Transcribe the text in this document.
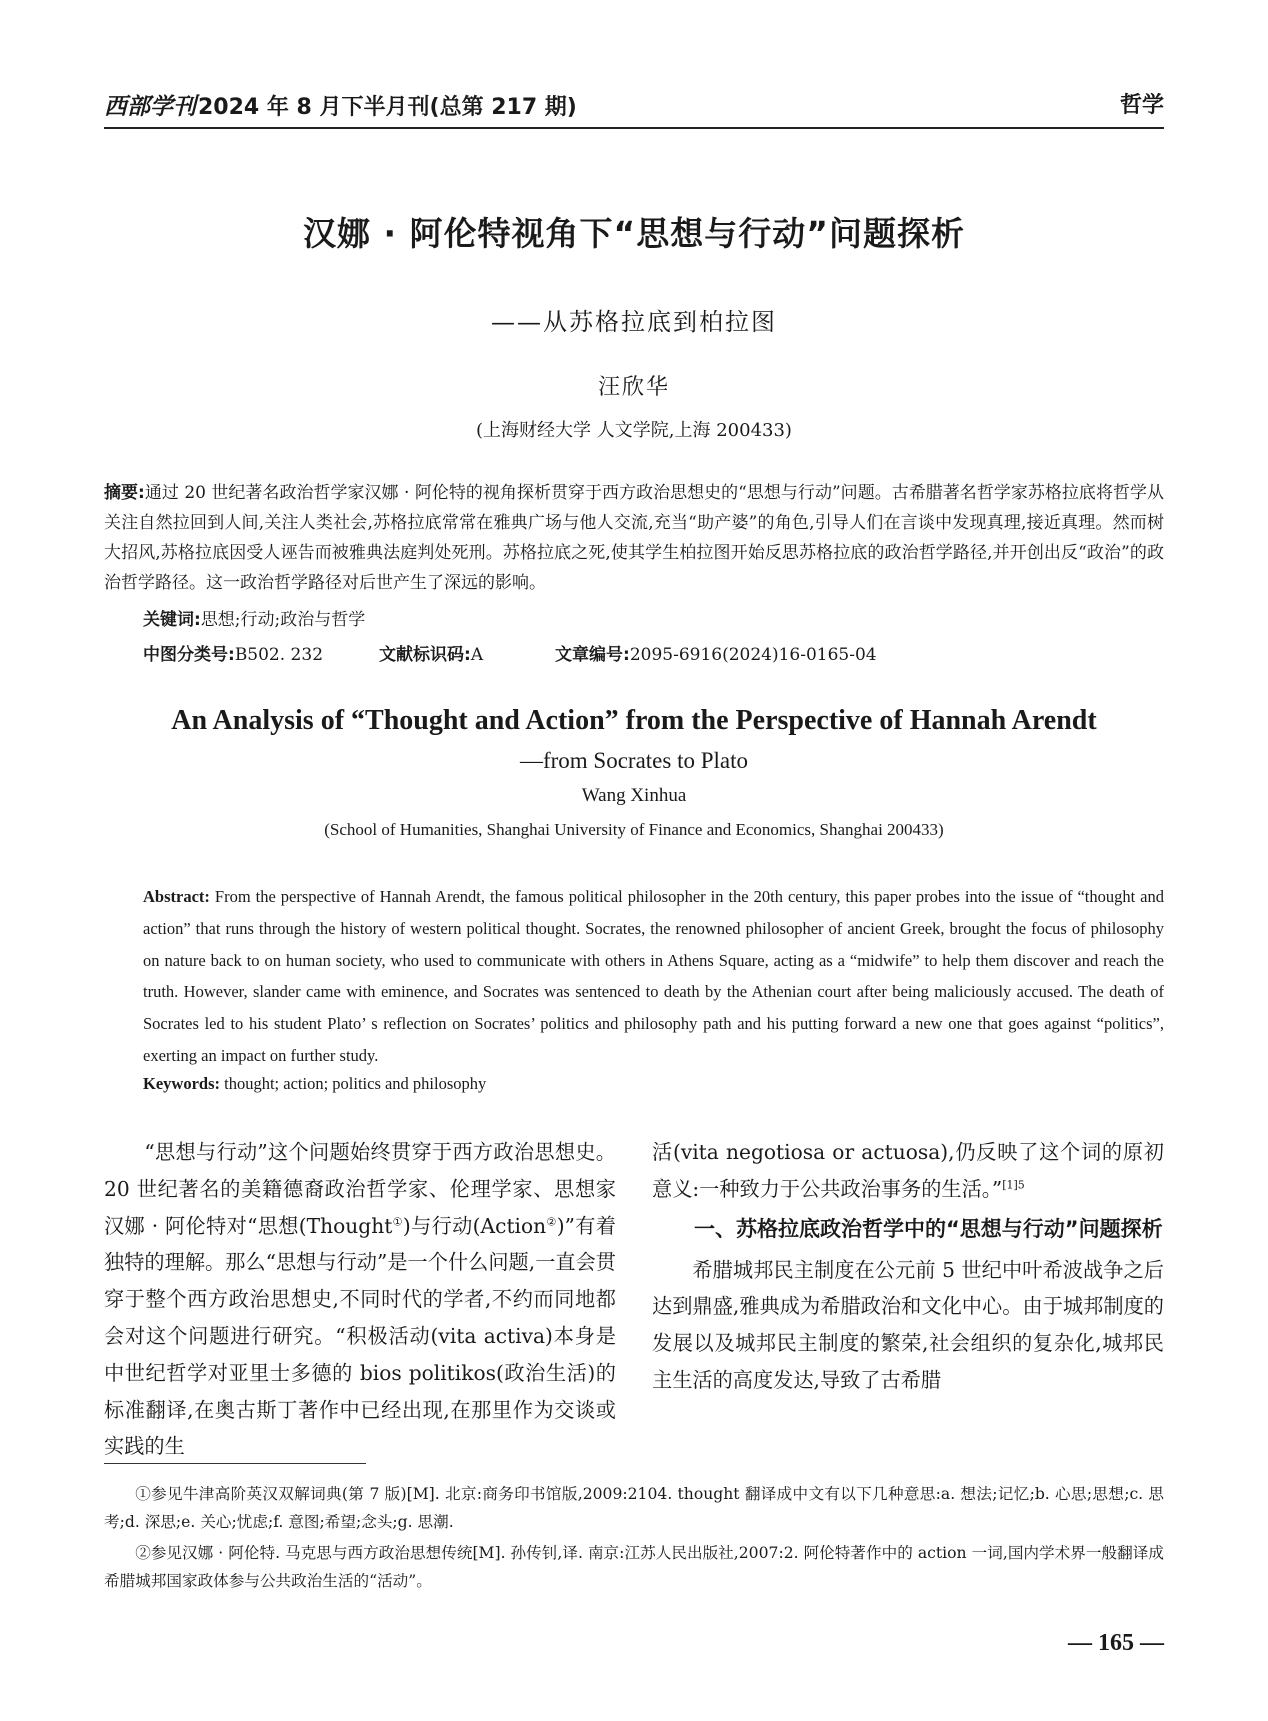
西部学刊2024 年 8 月下半月刊(总第 217 期)	哲学
汉娜 · 阿伦特视角下“思想与行动”问题探析
——从苏格拉底到柏拉图
汪欣华
(上海财经大学 人文学院,上海 200433)
摘要:通过 20 世纪著名政治哲学家汉娜 · 阿伦特的视角探析贯穿于西方政治思想史的“思想与行动”问题。古希腊著名哲学家苏格拉底将哲学从关注自然拉回到人间,关注人类社会,苏格拉底常常在雅典广场与他人交流,充当“助产婆”的角色,引导人们在言谈中发现真理,接近真理。然而树大招风,苏格拉底因受人诬告而被雅典法庭判处死刑。苏格拉底之死,使其学生柏拉图开始反思苏格拉底的政治哲学路径,并开创出反“政治”的政治哲学路径。这一政治哲学路径对后世产生了深远的影响。
关键词:思想;行动;政治与哲学
中图分类号:B502. 232	文献标识码:A	文章编号:2095-6916(2024)16-0165-04
An Analysis of “Thought and Action” from the Perspective of Hannah Arendt
—from Socrates to Plato
Wang Xinhua
(School of Humanities, Shanghai University of Finance and Economics, Shanghai 200433)
Abstract: From the perspective of Hannah Arendt, the famous political philosopher in the 20th century, this paper probes into the issue of “thought and action” that runs through the history of western political thought. Socrates, the renowned philosopher of ancient Greek, brought the focus of philosophy on nature back to on human society, who used to communicate with others in Athens Square, acting as a “midwife” to help them discover and reach the truth. However, slander came with eminence, and Socrates was sentenced to death by the Athenian court after being maliciously accused. The death of Socrates led to his student Plato’ s reflection on Socrates’ politics and philosophy path and his putting forward a new one that goes against “politics”, exerting an impact on further study.
Keywords: thought; action; politics and philosophy

“思想与行动”这个问题始终贯穿于西方政治思想史。20 世纪著名的美籍德裔政治哲学家、伦理学家、思想家汉娜 · 阿伦特对“思想(Thought①)与行动(Action②)”有着独特的理解。那么“思想与行动”是一个什么问题,一直会贯穿于整个西方政治思想史,不同时代的学者,不约而同地都会对这个问题进行研究。“积极活动(vita activa)本身是中世纪哲学对亚里士多德的 bios politikos(政治生活)的标准翻译,在奥古斯丁著作中已经出现,在那里作为交谈或实践的生

活(vita negotiosa or actuosa),仍反映了这个词的原初意义:一种致力于公共政治事务的生活。”$^{[1]5}$

一、苏格拉底政治哲学中的“思想与行动”问题探析

希腊城邦民主制度在公元前 5 世纪中叶希波战争之后达到鼎盛,雅典成为希腊政治和文化中心。由于城邦制度的发展以及城邦民主制度的繁荣,社会组织的复杂化,城邦民主生活的高度发达,导致了古希腊

①参见牛津高阶英汉双解词典(第 7 版)[M]. 北京:商务印书馆版,2009:2104. thought 翻译成中文有以下几种意思:a. 想法;记忆;b. 心思;思想;c. 思考;d. 深思;e. 关心;忧虑;f. 意图;希望;念头;g. 思潮.

②参见汉娜 · 阿伦特. 马克思与西方政治思想传统[M]. 孙传钊,译. 南京:江苏人民出版社,2007:2. 阿伦特著作中的 action 一词,国内学术界一般翻译成希腊城邦国家政体参与公共政治生活的“活动”。

— 165 —
